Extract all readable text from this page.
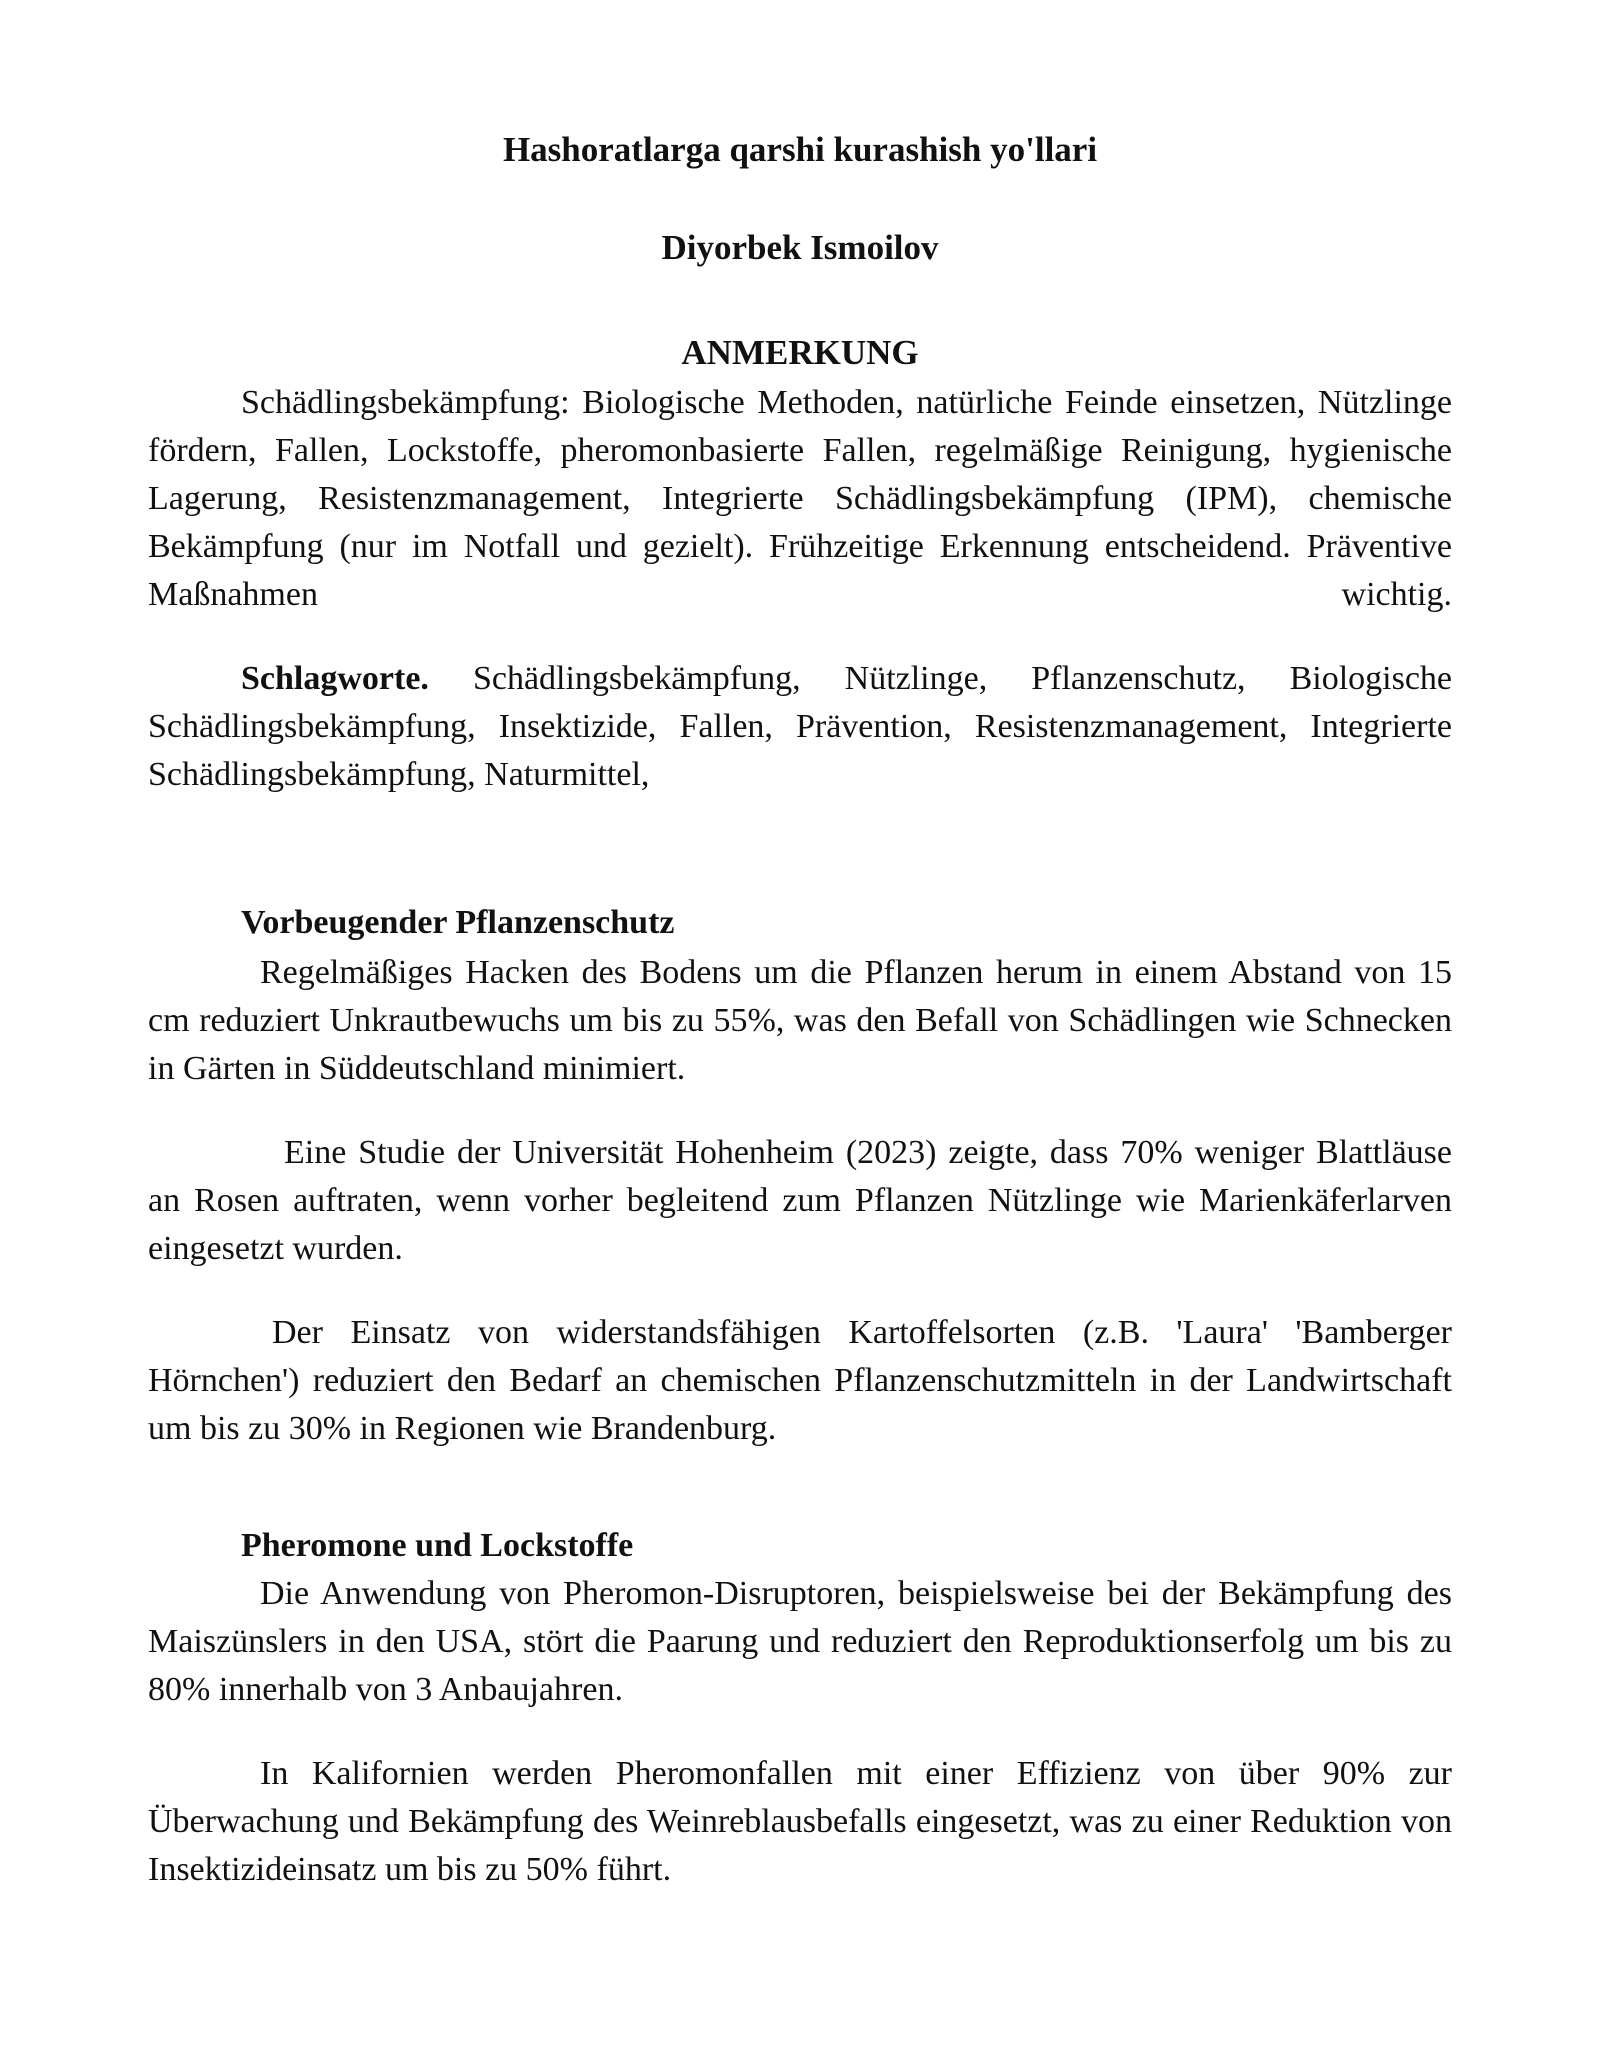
Hashoratlarga qarshi kurashish yo'llari
Diyorbek Ismoilov
ANMERKUNG

Schädlingsbekämpfung: Biologische Methoden, natürliche Feinde einsetzen, Nützlinge fördern, Fallen, Lockstoffe, pheromonbasierte Fallen, regelmäßige Reinigung, hygienische Lagerung, Resistenzmanagement, Integrierte Schädlingsbekämpfung (IPM), chemische Bekämpfung (nur im Notfall und gezielt). Frühzeitige Erkennung entscheidend. Präventive Maßnahmen wichtig.

Schlagworte. Schädlingsbekämpfung, Nützlinge, Pflanzenschutz, Biologische Schädlingsbekämpfung, Insektizide, Fallen, Prävention, Resistenzmanagement, Integrierte Schädlingsbekämpfung, Naturmittel,

Vorbeugender Pflanzenschutz

Regelmäßiges Hacken des Bodens um die Pflanzen herum in einem Abstand von 15 cm reduziert Unkrautbewuchs um bis zu 55%, was den Befall von Schädlingen wie Schnecken in Gärten in Süddeutschland minimiert.

Eine Studie der Universität Hohenheim (2023) zeigte, dass 70% weniger Blattläuse an Rosen auftraten, wenn vorher begleitend zum Pflanzen Nützlinge wie Marienkäferlarven eingesetzt wurden.

Der Einsatz von widerstandsfähigen Kartoffelsorten (z.B. 'Laura' 'Bamberger Hörnchen') reduziert den Bedarf an chemischen Pflanzenschutzmitteln in der Landwirtschaft um bis zu 30% in Regionen wie Brandenburg.

Pheromone und Lockstoffe

Die Anwendung von Pheromon-Disruptoren, beispielsweise bei der Bekämpfung des Maiszünslers in den USA, stört die Paarung und reduziert den Reproduktionserfolg um bis zu 80% innerhalb von 3 Anbaujahren.

In Kalifornien werden Pheromonfallen mit einer Effizienz von über 90% zur Überwachung und Bekämpfung des Weinreblausbefalls eingesetzt, was zu einer Reduktion von Insektizideinsatz um bis zu 50% führt.
